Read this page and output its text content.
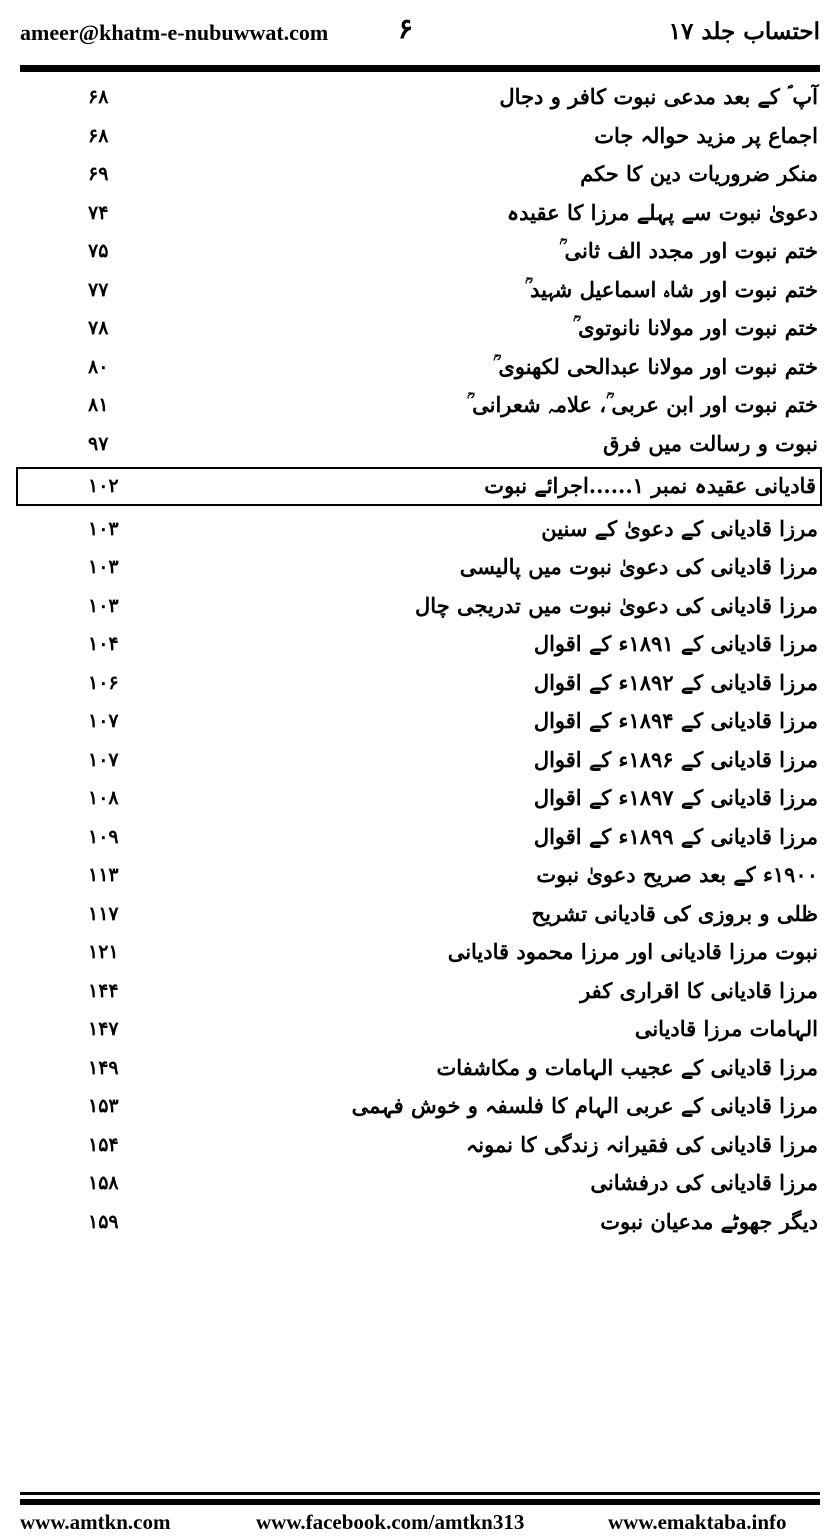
ameer@khatm-e-nubuwwat.com ۶	احتساب جلد ۱۷
آپ ؐ کے بعد مدعی نبوت کافر و دجال
۶۸
اجماع پر مزید حوالہ جات
۶۸
منکر ضروریات دین کا حکم
۶۹
دعویٰ نبوت سے پہلے مرزا کا عقیدہ
۷۴
ختم نبوت اور مجدد الف ثانی ؒ
۷۵
ختم نبوت اور شاہ اسماعیل شہید ؒ
۷۷
ختم نبوت اور مولانا نانوتوی ؒ
۷۸
ختم نبوت اور مولانا عبدالحی لکھنوی ؒ
۸۰
ختم نبوت اور ابن عربی ؒ، علامہ شعرانی ؒ
۸۱
نبوت و رسالت میں فرق
۹۷
قادیانی عقیدہ نمبر ۱......اجرائے نبوت
۱۰۲
مرزا قادیانی کے دعویٰ کے سنین
۱۰۳
مرزا قادیانی کی دعویٰ نبوت میں پالیسی
۱۰۳
مرزا قادیانی کی دعویٰ نبوت میں تدریجی چال
۱۰۳
مرزا قادیانی کے ۱۸۹۱ء کے اقوال
۱۰۴
مرزا قادیانی کے ۱۸۹۲ء کے اقوال
۱۰۶
مرزا قادیانی کے ۱۸۹۴ء کے اقوال
۱۰۷
مرزا قادیانی کے ۱۸۹۶ء کے اقوال
۱۰۷
مرزا قادیانی کے ۱۸۹۷ء کے اقوال
۱۰۸
مرزا قادیانی کے ۱۸۹۹ء کے اقوال
۱۰۹
۱۹۰۰ء کے بعد صریح دعویٰ نبوت
۱۱۳
ظلی و بروزی کی قادیانی تشریح
۱۱۷
نبوت مرزا قادیانی اور مرزا محمود قادیانی
۱۲۱
مرزا قادیانی کا اقراری کفر
۱۴۴
الہامات مرزا قادیانی
۱۴۷
مرزا قادیانی کے عجیب الہامات و مکاشفات
۱۴۹
مرزا قادیانی کے عربی الہام کا فلسفہ و خوش فہمی
۱۵۳
مرزا قادیانی کی فقیرانہ زندگی کا نمونہ
۱۵۴
مرزا قادیانی کی درفشانی
۱۵۸
دیگر جھوٹے مدعیان نبوت
۱۵۹
www.amtkn.com	www.facebook.com/amtkn313	www.emaktaba.info
